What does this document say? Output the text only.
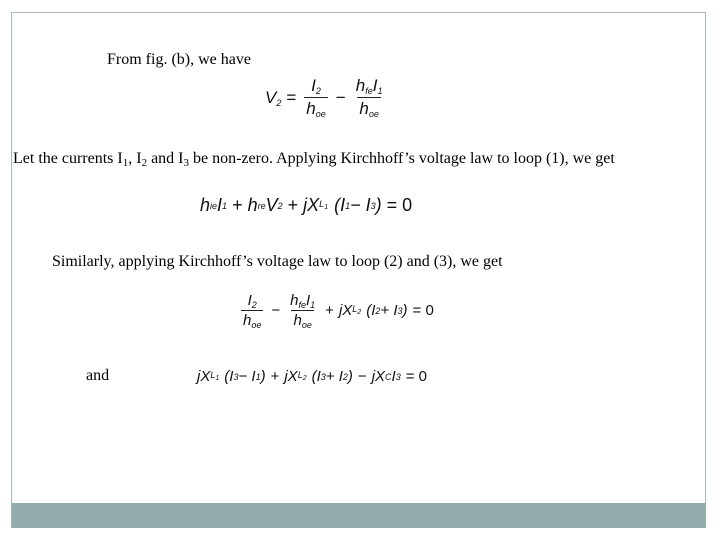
From fig. (b), we have
$V_2 = \frac{I_2}{h_{oe}} - \frac{h_{fe}I_1}{h_{oe}}$
Let the currents $I_1$, $I_2$ and $I_3$ be non-zero. Applying Kirchhoff’s voltage law to loop (1), we get
h ie I 1 + h re V 2 + jX $L_1$ (I 1 − I 3 ) = 0
Similarly, applying Kirchhoff’s voltage law to loop (2) and (3), we get
$\frac{I_2}{h_{oe}} - \frac{h_{fe}I_1}{h_{oe}}$ + jX $L_2$ (I 2 + I 3 ) = 0
and	jX $L_1$ (I 3 − I 1 ) + jX $L_2$ (I 3 + I 2 ) − jX C I 3 = 0
